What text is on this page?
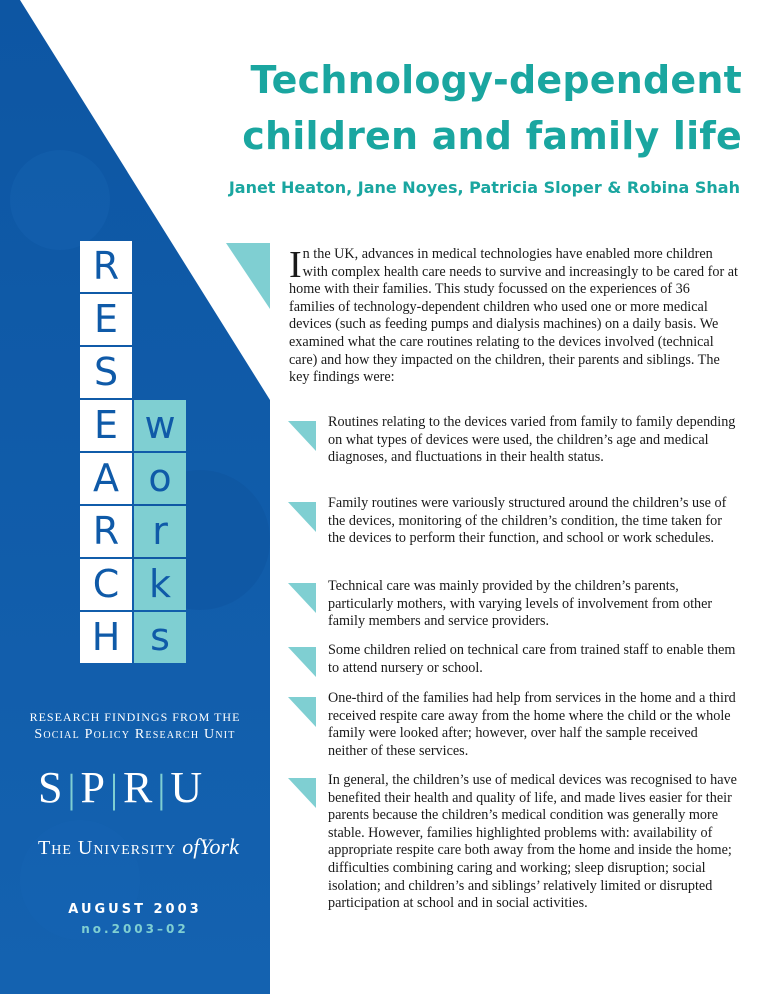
Technology-dependent
children and family life
Janet Heaton, Jane Noyes, Patricia Sloper & Robina Shah
R
E
S
E
A
R
C
H
w
o
r
k
s
RESEARCH FINDINGS FROM THE
Social Policy Research Unit
S |P |R |U
The University ofYork
AUGUST 2003
no.2003–02
In the UK, advances in medical technologies have enabled more children with complex health care needs to survive and increasingly to be cared for at home with their families. This study focussed on the experiences of 36 families of technology-dependent children who used one or more medical devices (such as feeding pumps and dialysis machines) on a daily basis. We examined what the care routines relating to the devices involved (technical care) and how they impacted on the children, their parents and siblings. The key findings were:
Routines relating to the devices varied from family to family depending on what types of devices were used, the children’s age and medical diagnoses, and fluctuations in their health status.
Family routines were variously structured around the children’s use of the devices, monitoring of the children’s condition, the time taken for the devices to perform their function, and school or work schedules.
Technical care was mainly provided by the children’s parents, particularly mothers, with varying levels of involvement from other family members and service providers.
Some children relied on technical care from trained staff to enable them to attend nursery or school.
One-third of the families had help from services in the home and a third received respite care away from the home where the child or the whole family were looked after; however, over half the sample received neither of these services.
In general, the children’s use of medical devices was recognised to have benefited their health and quality of life, and made lives easier for their parents because the children’s medical condition was generally more stable. However, families highlighted problems with: availability of appropriate respite care both away from the home and inside the home; difficulties combining caring and working; sleep disruption; social isolation; and children’s and siblings’ relatively limited or disrupted participation at school and in social activities.
